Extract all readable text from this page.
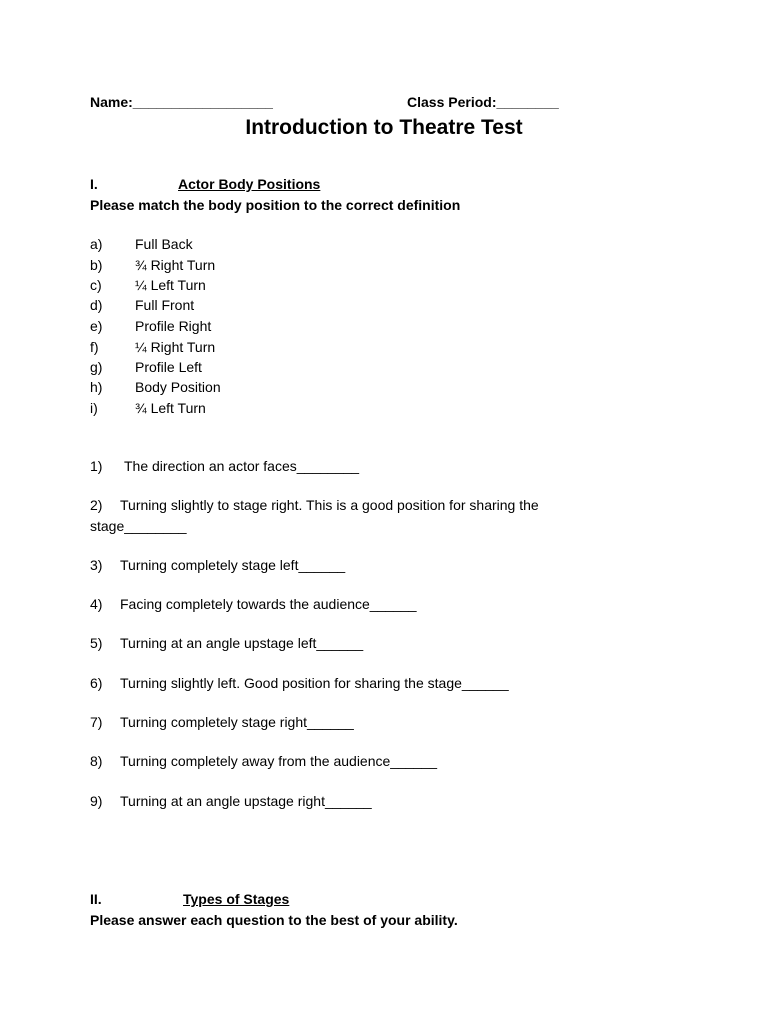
Name:__________________	Class Period:________
Introduction to Theatre Test
I.	Actor Body Positions
Please match the body position to the correct definition
a) Full Back
b) ¾ Right Turn
c) ¼ Left Turn
d) Full Front
e) Profile Right
f)	¼ Right Turn
g) Profile Left
h) Body Position
i)	¾ Left Turn
1) The direction an actor faces________
2) Turning slightly to stage right. This is a good position for sharing the
stage________
3) Turning completely stage left______
4) Facing completely towards the audience______
5) Turning at an angle upstage left______
6) Turning slightly left. Good position for sharing the stage______
7) Turning completely stage right______
8) Turning completely away from the audience______
9) Turning at an angle upstage right______
II.	Types of Stages
Please answer each question to the best of your ability.
